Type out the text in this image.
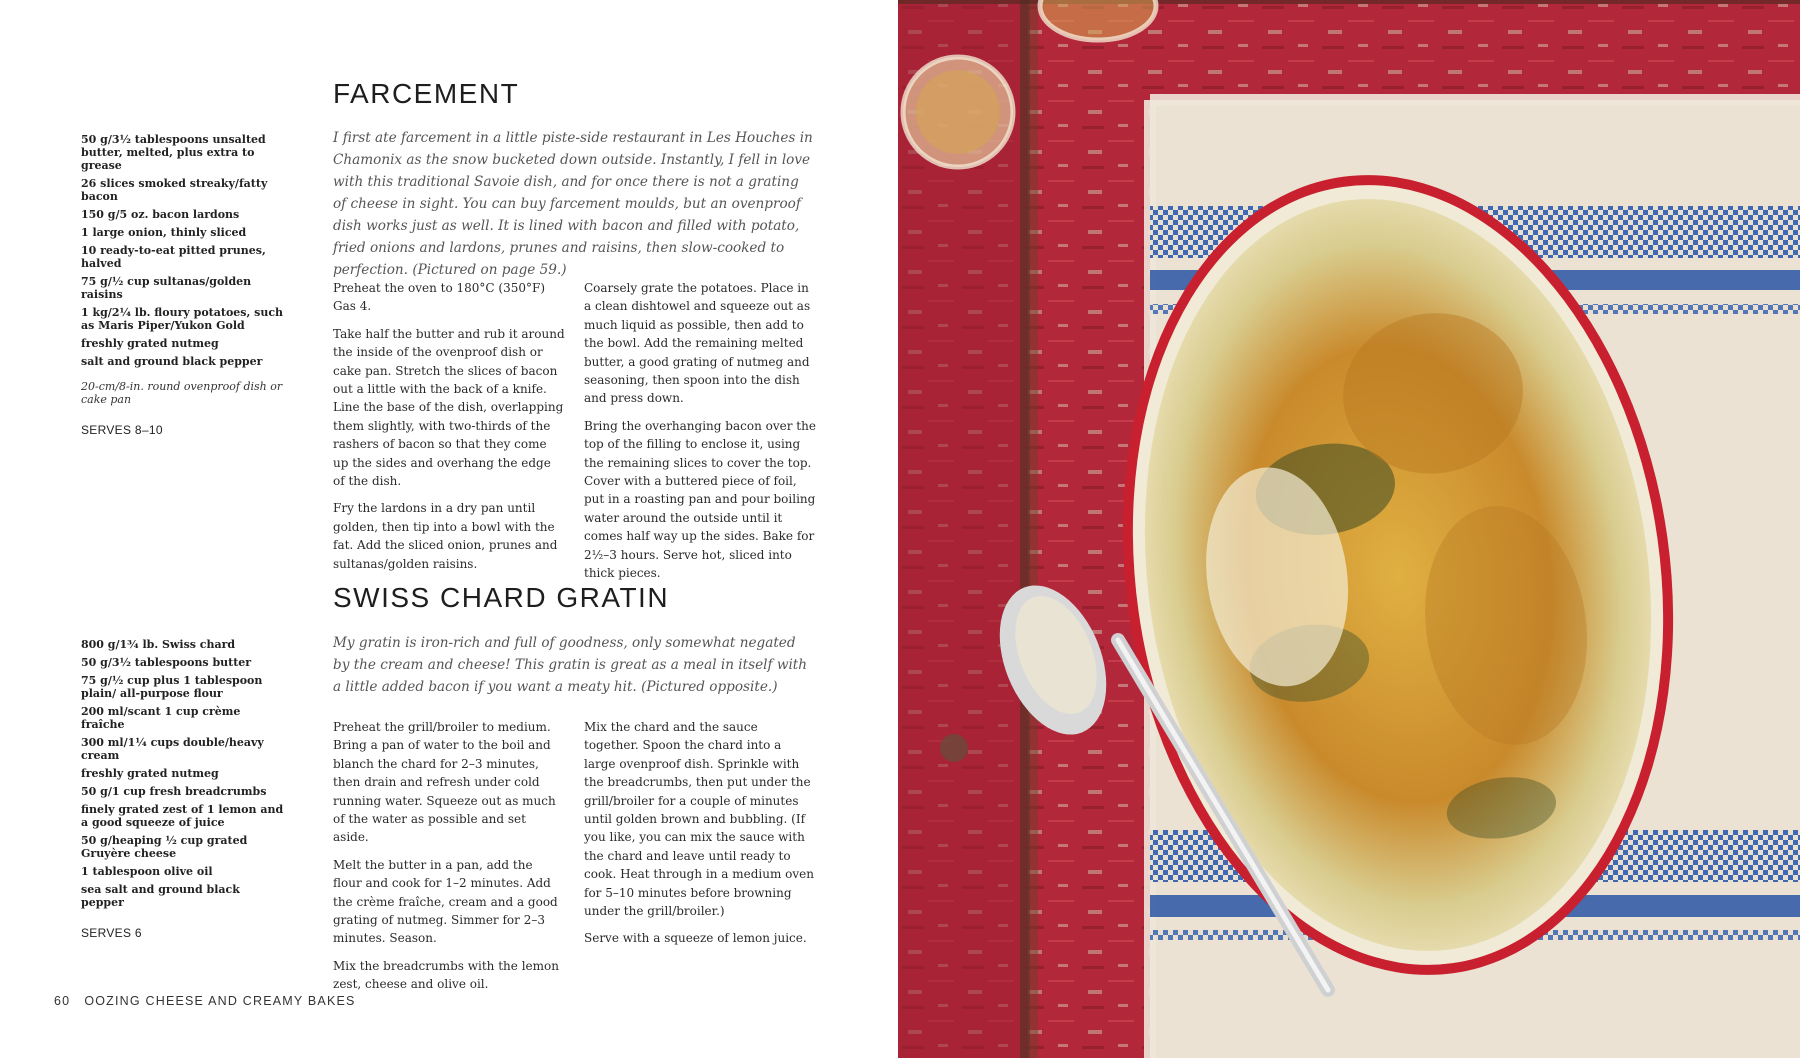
50 g/3½ tablespoons unsalted butter, melted, plus extra to grease
26 slices smoked streaky/fatty bacon
150 g/5 oz. bacon lardons
1 large onion, thinly sliced
10 ready-to-eat pitted prunes, halved
75 g/½ cup sultanas/golden raisins
1 kg/2¼ lb. floury potatoes, such as Maris Piper/Yukon Gold
freshly grated nutmeg
salt and ground black pepper
20-cm/8-in. round ovenproof dish or cake pan
SERVES 8–10
FARCEMENT

I first ate farcement in a little piste-side restaurant in Les Houches in Chamonix as the snow bucketed down outside. Instantly, I fell in love with this traditional Savoie dish, and for once there is not a grating of cheese in sight. You can buy farcement moulds, but an ovenproof dish works just as well. It is lined with bacon and filled with potato, fried onions and lardons, prunes and raisins, then slow-cooked to perfection. (Pictured on page 59.)

Preheat the oven to 180°C (350°F) Gas 4.

Take half the butter and rub it around the inside of the ovenproof dish or cake pan. Stretch the slices of bacon out a little with the back of a knife. Line the base of the dish, overlapping them slightly, with two-thirds of the rashers of bacon so that they come up the sides and overhang the edge of the dish.

Fry the lardons in a dry pan until golden, then tip into a bowl with the fat. Add the sliced onion, prunes and sultanas/golden raisins.

Coarsely grate the potatoes. Place in a clean dishtowel and squeeze out as much liquid as possible, then add to the bowl. Add the remaining melted butter, a good grating of nutmeg and seasoning, then spoon into the dish and press down.

Bring the overhanging bacon over the top of the filling to enclose it, using the remaining slices to cover the top. Cover with a buttered piece of foil, put in a roasting pan and pour boiling water around the outside until it comes half way up the sides. Bake for 2½–3 hours. Serve hot, sliced into thick pieces.

800 g/1¾ lb. Swiss chard
50 g/3½ tablespoons butter
75 g/½ cup plus 1 tablespoon plain/ all-purpose flour
200 ml/scant 1 cup crème fraîche
300 ml/1¼ cups double/heavy cream
freshly grated nutmeg
50 g/1 cup fresh breadcrumbs
finely grated zest of 1 lemon and a good squeeze of juice
50 g/heaping ½ cup grated Gruyère cheese
1 tablespoon olive oil
sea salt and ground black pepper
SERVES 6
SWISS CHARD GRATIN

My gratin is iron-rich and full of goodness, only somewhat negated by the cream and cheese! This gratin is great as a meal in itself with a little added bacon if you want a meaty hit. (Pictured opposite.)

Preheat the grill/broiler to medium. Bring a pan of water to the boil and blanch the chard for 2–3 minutes, then drain and refresh under cold running water. Squeeze out as much of the water as possible and set aside.

Melt the butter in a pan, add the flour and cook for 1–2 minutes. Add the crème fraîche, cream and a good grating of nutmeg. Simmer for 2–3 minutes. Season.

Mix the breadcrumbs with the lemon zest, cheese and olive oil.

Mix the chard and the sauce together. Spoon the chard into a large ovenproof dish. Sprinkle with the breadcrumbs, then put under the grill/broiler for a couple of minutes until golden brown and bubbling. (If you like, you can mix the sauce with the chard and leave until ready to cook. Heat through in a medium oven for 5–10 minutes before browning under the grill/broiler.)

Serve with a squeeze of lemon juice.

60 OOZING CHEESE AND CREAMY BAKES
